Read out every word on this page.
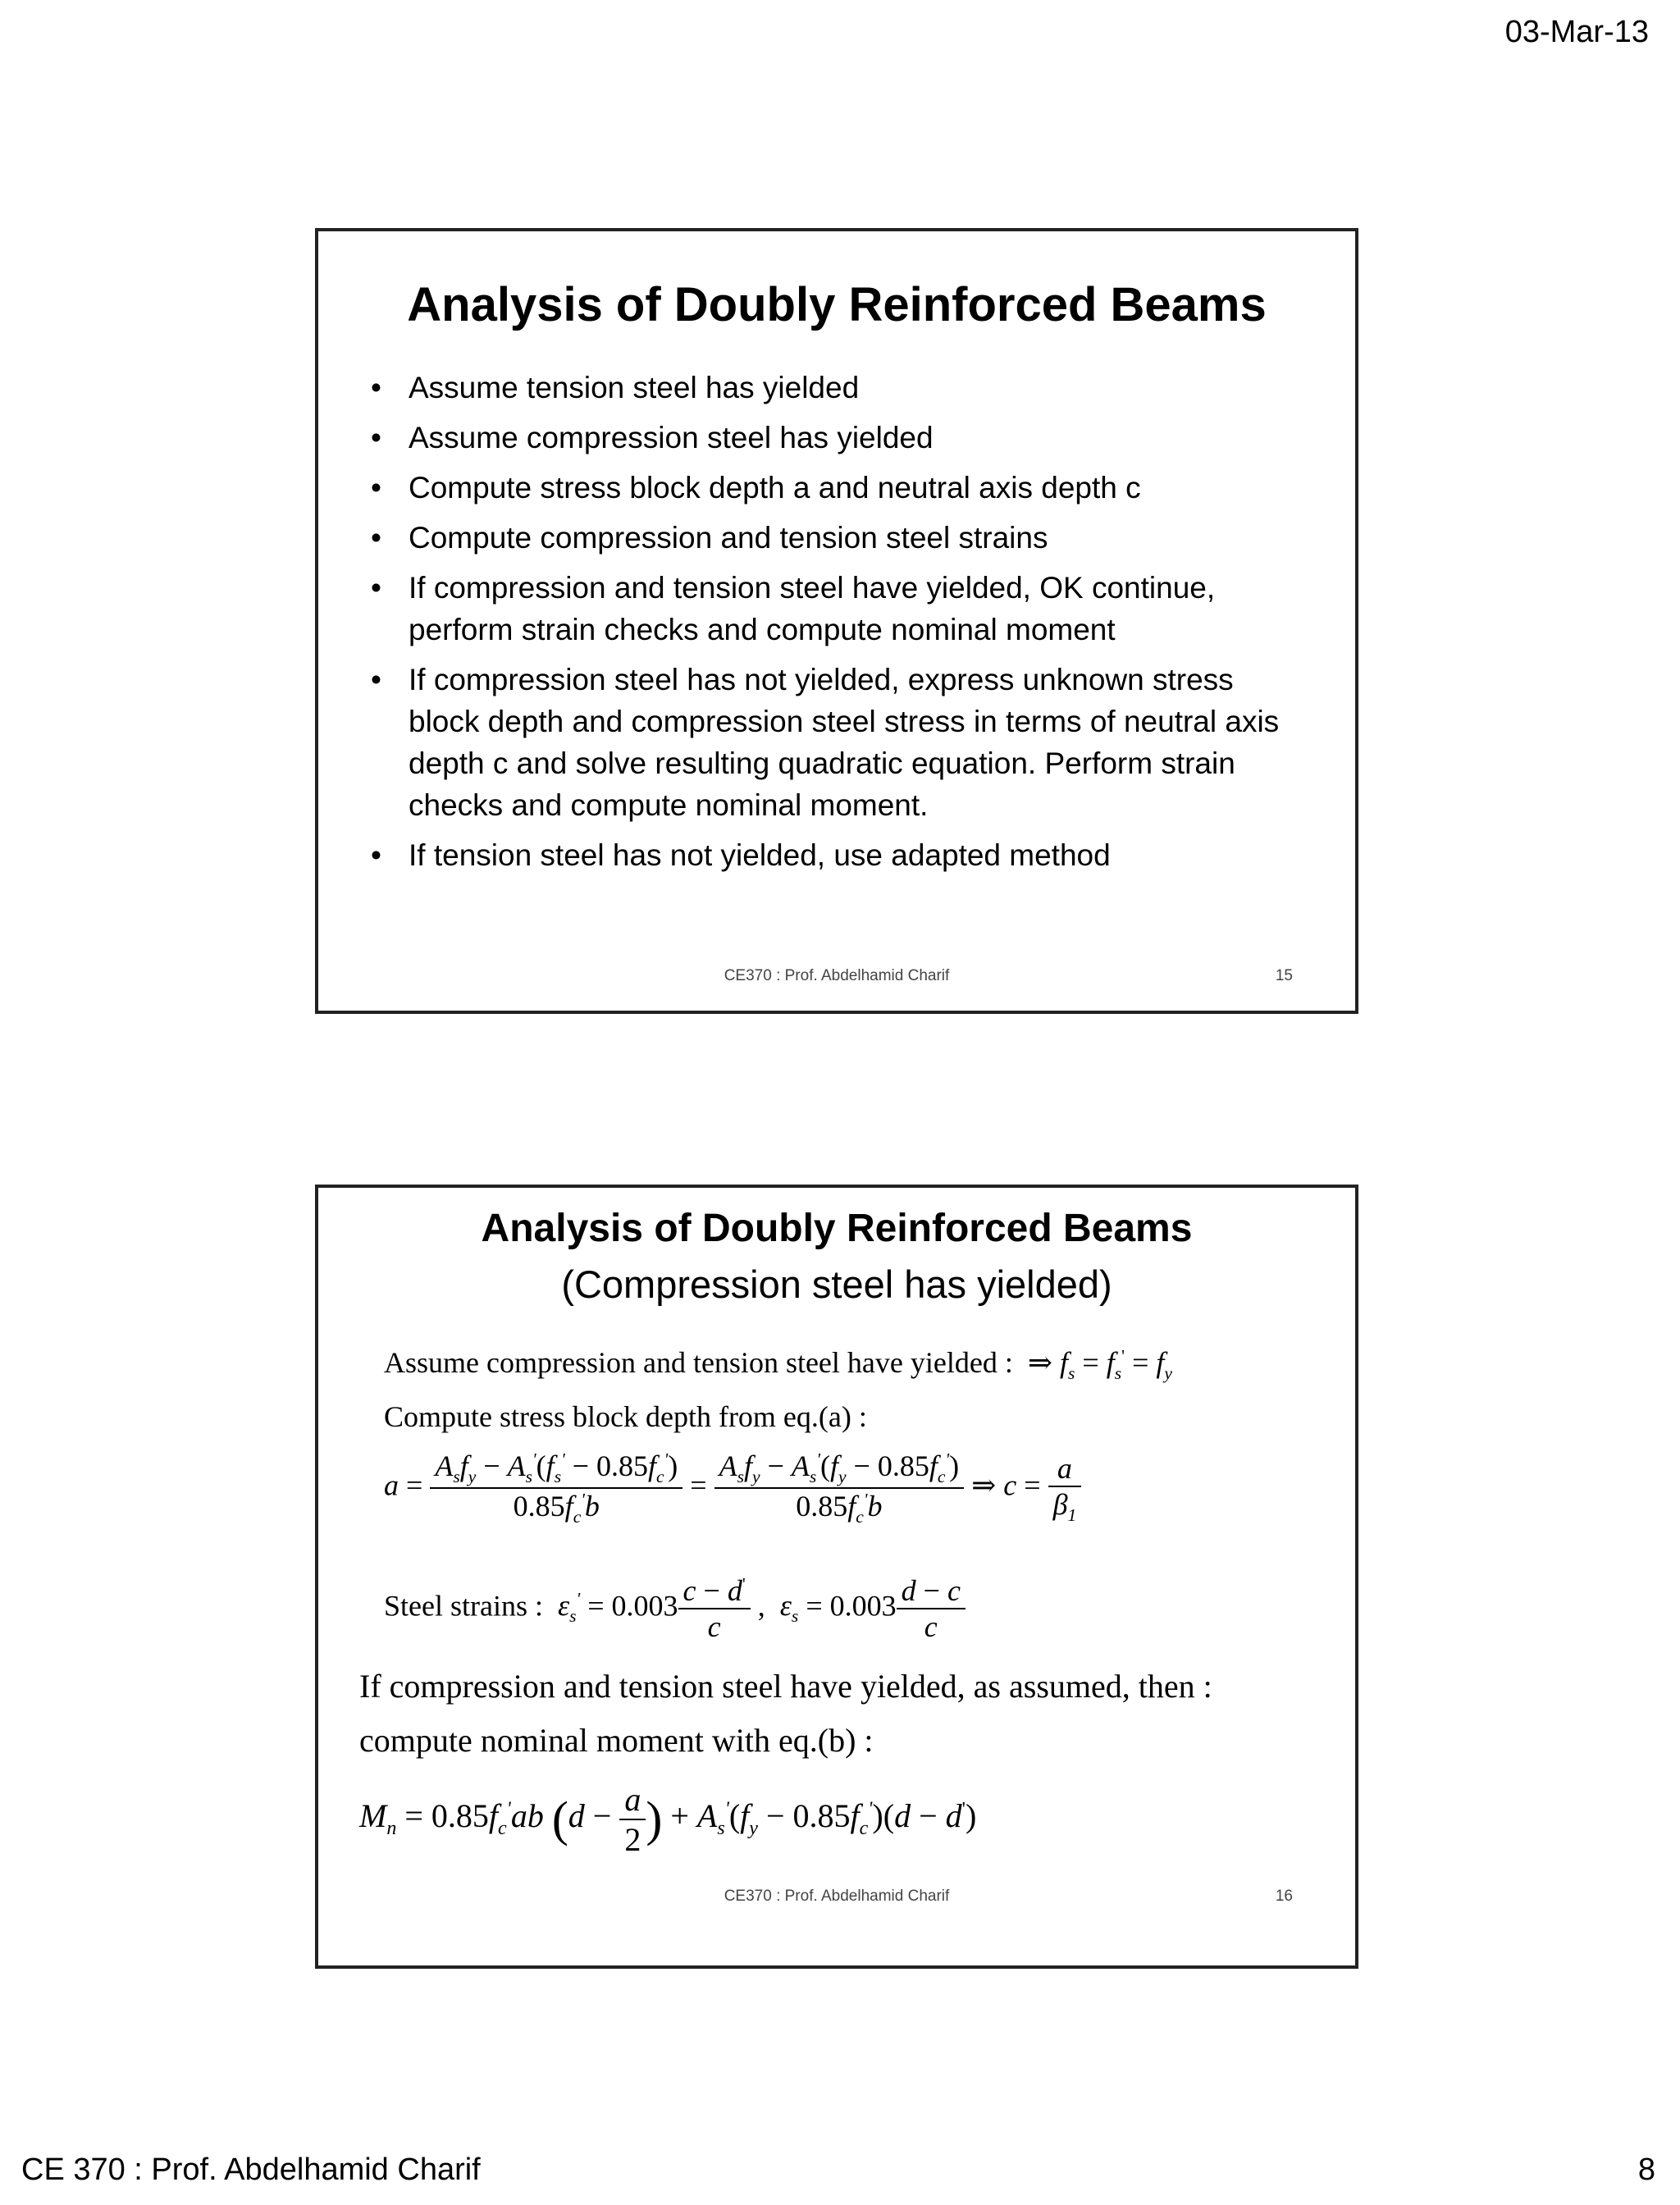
03-Mar-13
Analysis of Doubly Reinforced Beams
• Assume tension steel has yielded
• Assume compression steel has yielded
• Compute stress block depth a and neutral axis depth c
• Compute compression and tension steel strains
• If compression and tension steel have yielded, OK continue, perform strain checks and compute nominal moment
• If compression steel has not yielded, express unknown stress block depth and compression steel stress in terms of neutral axis depth c and solve resulting quadratic equation. Perform strain checks and compute nominal moment.
• If tension steel has not yielded, use adapted method
CE370 : Prof. Abdelhamid Charif	15
Analysis of Doubly Reinforced Beams
(Compression steel has yielded)
Assume compression and tension steel have yielded :  ⇒ $f_s = f_s' = f_y$
Compute stress block depth from eq.(a) :
$a = \frac{A_sf_y - A_s'(f_s' - 0.85f_c')}{0.85f_c'b} = \frac{A_sf_y - A_s'(f_y - 0.85f_c')}{0.85f_c'b}$ ⇒ $c = \frac{a}{\beta_1}$
Steel strains : $\varepsilon_s' = 0.003 \frac{c - d'}{c}$ ,  $\varepsilon_s = 0.003 \frac{d - c}{c}$
If compression and tension steel have yielded, as assumed, then :
compute nominal moment with eq.(b) :
$M_n = 0.85f_c'ab$ ($d - \frac{a}{2}$ ) + $A_s'(f_y - 0.85f_c')(d - d')$
CE370 : Prof. Abdelhamid Charif	16
CE 370 : Prof. Abdelhamid Charif	8
